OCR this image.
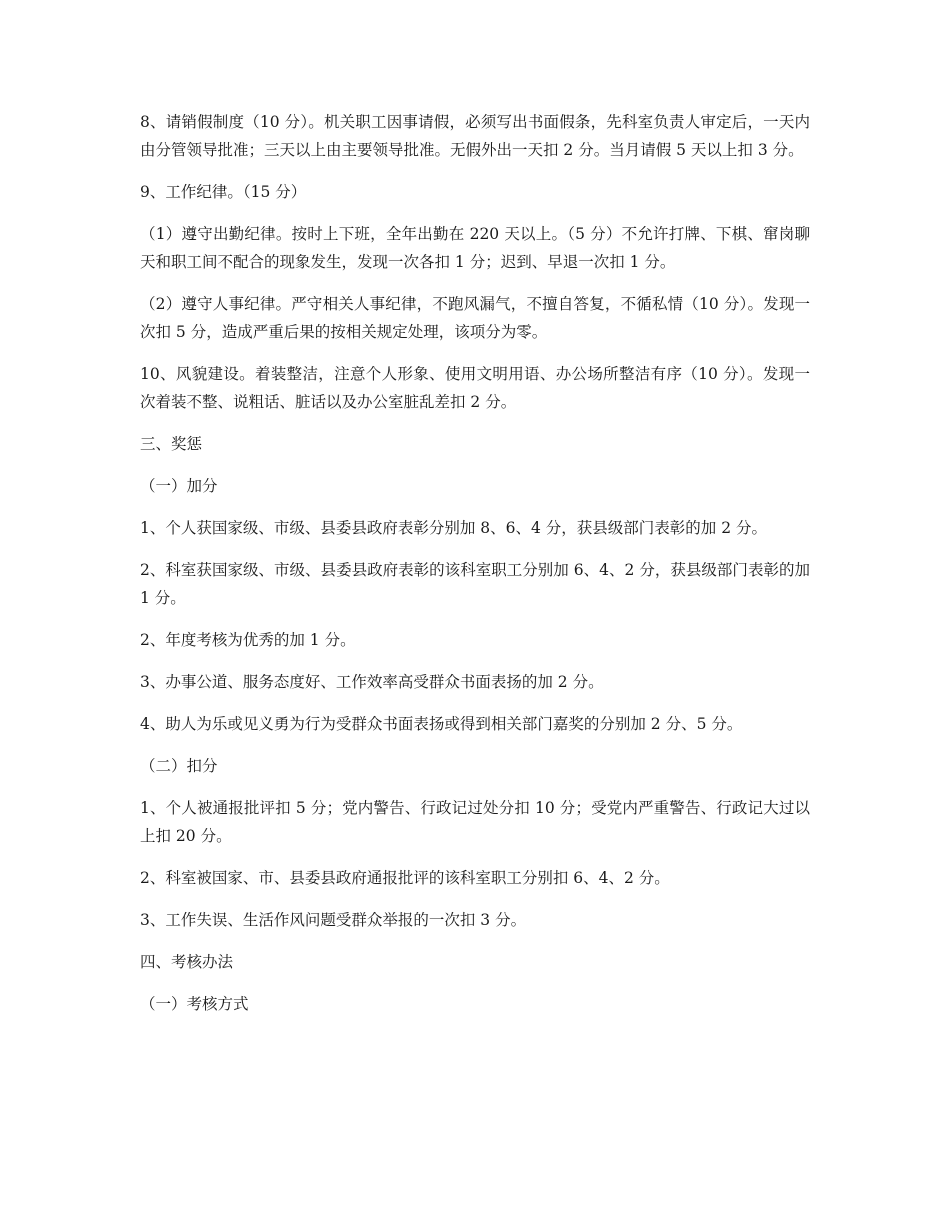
8、请销假制度（10 分）。机关职工因事请假，必须写出书面假条，先科室负责人审定后，一天内由分管领导批准；三天以上由主要领导批准。无假外出一天扣 2 分。当月请假 5 天以上扣 3 分。

9、工作纪律。（15 分）

（1）遵守出勤纪律。按时上下班，全年出勤在 220 天以上。（5 分）不允许打牌、下棋、窜岗聊天和职工间不配合的现象发生，发现一次各扣 1 分；迟到、早退一次扣 1 分。

（2）遵守人事纪律。严守相关人事纪律，不跑风漏气，不擅自答复，不循私情（10 分）。发现一次扣 5 分，造成严重后果的按相关规定处理，该项分为零。

10、风貌建设。着装整洁，注意个人形象、使用文明用语、办公场所整洁有序（10 分）。发现一次着装不整、说粗话、脏话以及办公室脏乱差扣 2 分。

三、奖惩

（一）加分

1、个人获国家级、市级、县委县政府表彰分别加 8、6、4 分，获县级部门表彰的加 2 分。

2、科室获国家级、市级、县委县政府表彰的该科室职工分别加 6、4、2 分，获县级部门表彰的加 1 分。

2、年度考核为优秀的加 1 分。

3、办事公道、服务态度好、工作效率高受群众书面表扬的加 2 分。

4、助人为乐或见义勇为行为受群众书面表扬或得到相关部门嘉奖的分别加 2 分、5 分。

（二）扣分

1、个人被通报批评扣 5 分；党内警告、行政记过处分扣 10 分；受党内严重警告、行政记大过以上扣 20 分。

2、科室被国家、市、县委县政府通报批评的该科室职工分别扣 6、4、2 分。

3、工作失误、生活作风问题受群众举报的一次扣 3 分。

四、考核办法

（一）考核方式
